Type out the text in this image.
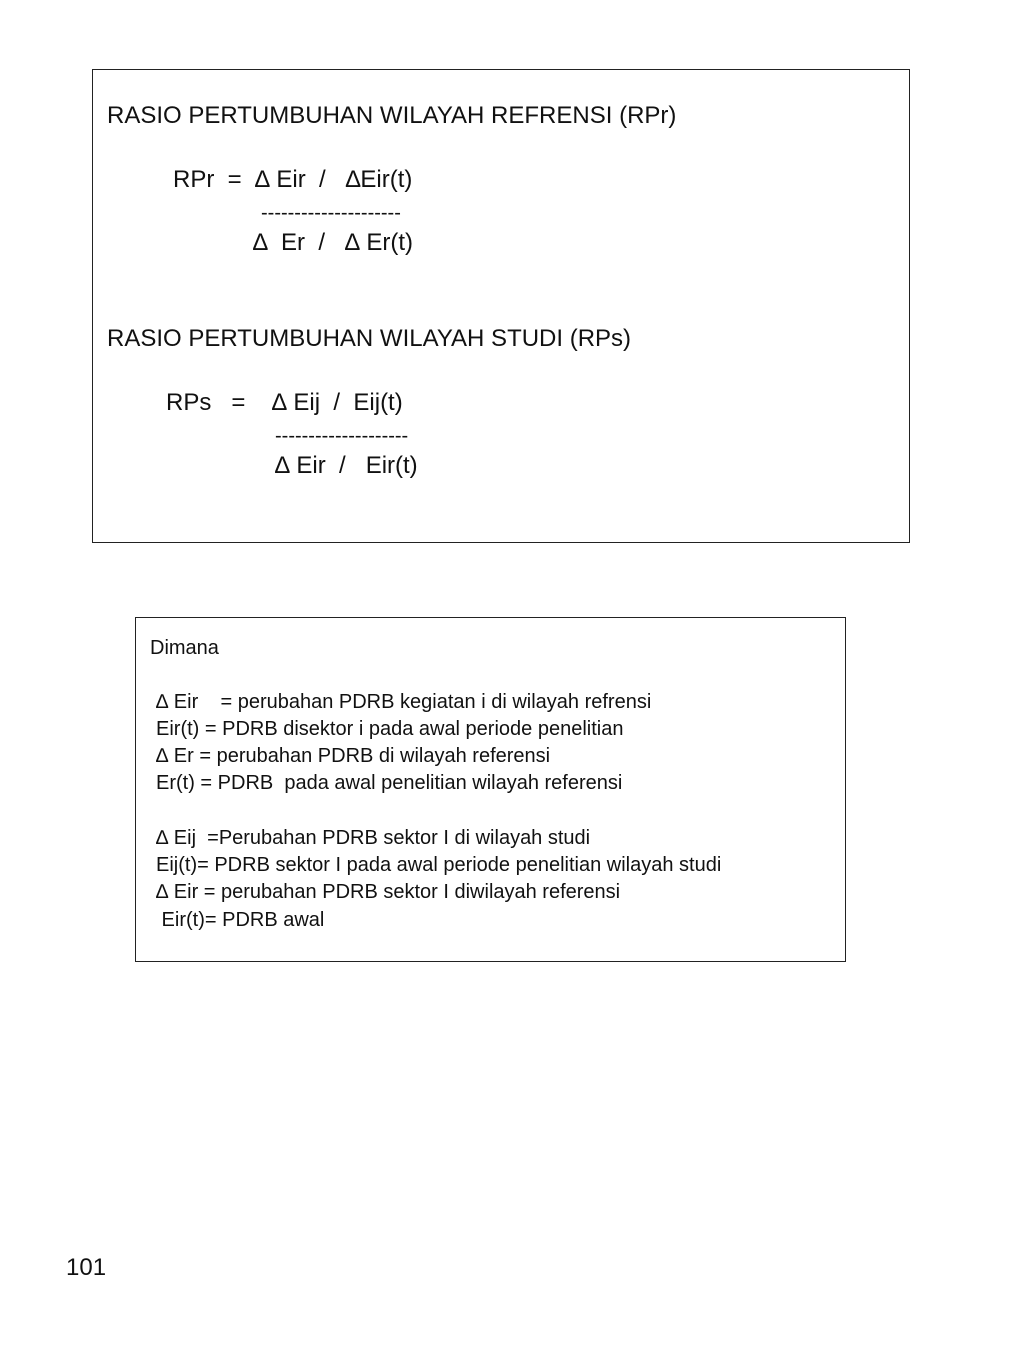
RASIO PERTUMBUHAN WILAYAH REFRENSI (RPr)
RPr  =  ∆ Eir  /   ∆Eir(t)
---------------------
∆  Er  /   ∆ Er(t)
RASIO PERTUMBUHAN WILAYAH STUDI (RPs)
RPs   =    ∆ Eij  /  Eij(t)
--------------------
∆ Eir  /   Eir(t)
Dimana
∆ Eir    = perubahan PDRB kegiatan i di wilayah refrensi
Eir(t) = PDRB disektor i pada awal periode penelitian
∆ Er = perubahan PDRB di wilayah referensi
Er(t) = PDRB  pada awal penelitian wilayah referensi
∆ Eij  =Perubahan PDRB sektor I di wilayah studi
Eij(t)= PDRB sektor I pada awal periode penelitian wilayah studi
∆ Eir = perubahan PDRB sektor I diwilayah referensi
Eir(t)= PDRB awal
101
